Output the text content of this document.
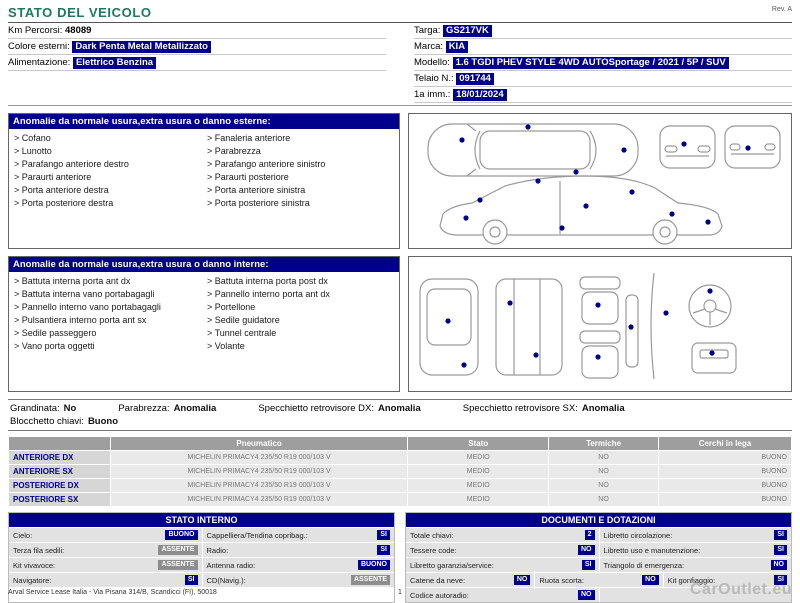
STATO DEL VEICOLO	Rev. A
Km Percorsi: 48089
Colore esterni: Dark Penta Metal Metallizzato
Alimentazione: Elettrico Benzina
Targa: GS217VK
Marca: KIA
Modello: 1.6 TGDI PHEV STYLE 4WD AUTOSportage / 2021 / 5P / SUV
Telaio N.: 091744
1a imm.: 18/01/2024
Anomalie da normale usura,extra usura o danno esterne:
> Cofano
> Lunotto
> Parafango anteriore destro
> Paraurti anteriore
> Porta anteriore destra
> Porta posteriore destra
> Fanaleria anteriore
> Parabrezza
> Parafango anteriore sinistro
> Paraurti posteriore
> Porta anteriore sinistra
> Porta posteriore sinistra
Anomalie da normale usura,extra usura o danno interne:
> Battuta interna porta ant dx
> Battuta interna vano portabagagli
> Pannello interno vano portabagagli
> Pulsantiera interno porta ant sx
> Sedile passeggero
> Vano porta oggetti
> Battuta interna porta post dx
> Pannello interno porta ant dx
> Portellone
> Sedile guidatore
> Tunnel centrale
> Volante
Grandinata: No	Parabrezza: Anomalia	Specchietto retrovisore DX: Anomalia	Specchietto retrovisore SX: Anomalia
Blocchetto chiavi: Buono
	Pneumatico	Stato	Termiche	Cerchi in lega
ANTERIORE DX	MICHELIN PRIMACY4 235/50 R19 000/103 V	MEDIO	NO	BUONO
ANTERIORE SX	MICHELIN PRIMACY4 235/50 R19 000/103 V	MEDIO	NO	BUONO
POSTERIORE DX	MICHELIN PRIMACY4 235/50 R19 000/103 V	MEDIO	NO	BUONO
POSTERIORE SX	MICHELIN PRIMACY4 235/50 R19 000/103 V	MEDIO	NO	BUONO
STATO INTERNO
Cielo:	BUONO	Cappelliera/Tendina copribag.:	SI
Terza fila sedili:	ASSENTE	Radio:	SI
Kit vivavoce:	ASSENTE	Antenna radio:	BUONO
Navigatore:	SI	CD(Navig.):	ASSENTE
DOCUMENTI E DOTAZIONI
Totale chiavi:	2	Libretto circolazione:	SI
Tessere code:	NO	Libretto uso e manutenzione:	SI
Libretto garanzia/service:	SI	Triangolo di emergenza:	NO
Catene da neve:	NO	Ruota scorta:	NO	Kit gonfiaggio:	SI
Codice autoradio:	NO
Arval Service Lease Italia - Via Pisana 314/B, Scandicci (FI), 50018	1	CarOutlet.eu
